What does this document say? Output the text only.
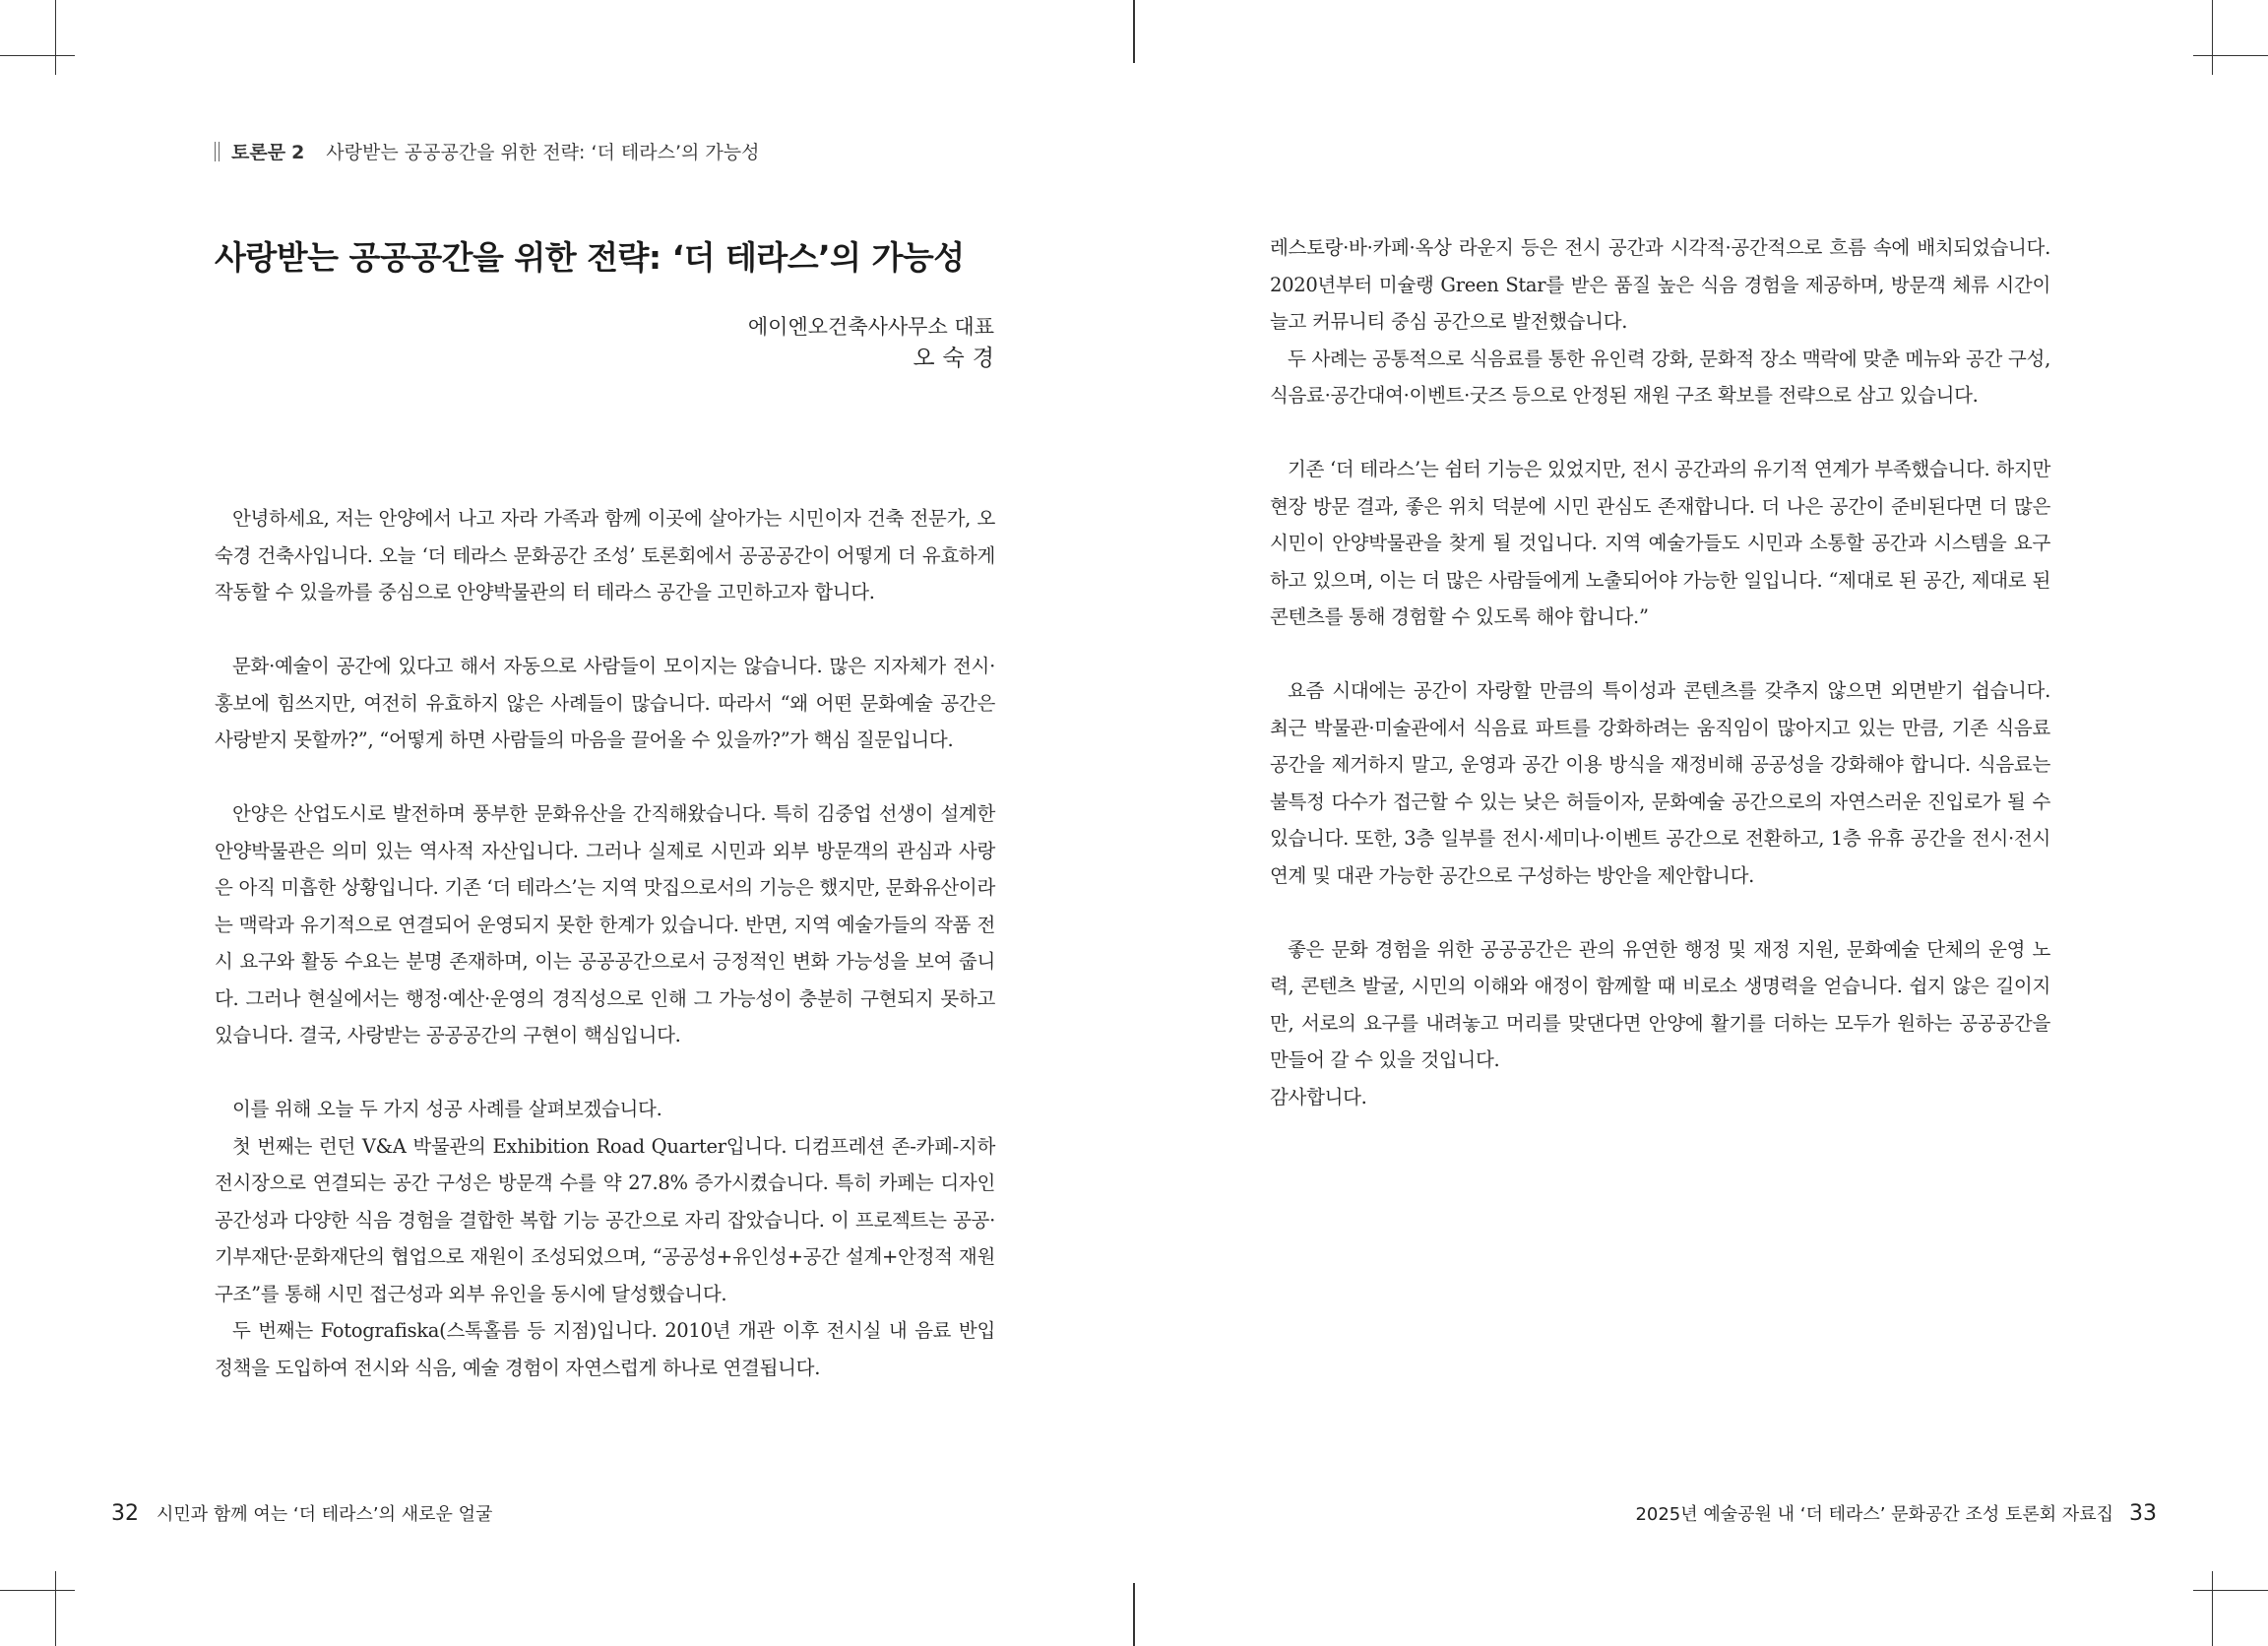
토론문 2 사랑받는 공공공간을 위한 전략: ‘더 테라스’의 가능성
사랑받는 공공공간을 위한 전략: ‘더 테라스’의 가능성
에이엔오건축사사무소 대표
오숙경

안녕하세요, 저는 안양에서 나고 자라 가족과 함께 이곳에 살아가는 시민이자 건축 전문가, 오숙경 건축사입니다. 오늘 ‘더 테라스 문화공간 조성’ 토론회에서 공공공간이 어떻게 더 유효하게 작동할 수 있을까를 중심으로 안양박물관의 터 테라스 공간을 고민하고자 합니다.

문화·예술이 공간에 있다고 해서 자동으로 사람들이 모이지는 않습니다. 많은 지자체가 전시·홍보에 힘쓰지만, 여전히 유효하지 않은 사례들이 많습니다. 따라서 “왜 어떤 문화예술 공간은 사랑받지 못할까?”, “어떻게 하면 사람들의 마음을 끌어올 수 있을까?”가 핵심 질문입니다.

안양은 산업도시로 발전하며 풍부한 문화유산을 간직해왔습니다. 특히 김중업 선생이 설계한 안양박물관은 의미 있는 역사적 자산입니다. 그러나 실제로 시민과 외부 방문객의 관심과 사랑은 아직 미흡한 상황입니다. 기존 ‘더 테라스’는 지역 맛집으로서의 기능은 했지만, 문화유산이라는 맥락과 유기적으로 연결되어 운영되지 못한 한계가 있습니다. 반면, 지역 예술가들의 작품 전시 요구와 활동 수요는 분명 존재하며, 이는 공공공간으로서 긍정적인 변화 가능성을 보여 줍니다. 그러나 현실에서는 행정·예산·운영의 경직성으로 인해 그 가능성이 충분히 구현되지 못하고 있습니다. 결국, 사랑받는 공공공간의 구현이 핵심입니다.

이를 위해 오늘 두 가지 성공 사례를 살펴보겠습니다.

첫 번째는 런던 V&A 박물관의 Exhibition Road Quarter입니다. 디컴프레션 존-카페-지하 전시장으로 연결되는 공간 구성은 방문객 수를 약 27.8% 증가시켰습니다. 특히 카페는 디자인 공간성과 다양한 식음 경험을 결합한 복합 기능 공간으로 자리 잡았습니다. 이 프로젝트는 공공·기부재단·문화재단의 협업으로 재원이 조성되었으며, “공공성+유인성+공간 설계+안정적 재원 구조”를 통해 시민 접근성과 외부 유인을 동시에 달성했습니다.

두 번째는 Fotografiska(스톡홀름 등 지점)입니다. 2010년 개관 이후 전시실 내 음료 반입 정책을 도입하여 전시와 식음, 예술 경험이 자연스럽게 하나로 연결됩니다.

레스토랑·바·카페·옥상 라운지 등은 전시 공간과 시각적·공간적으로 흐름 속에 배치되었습니다. 2020년부터 미슐랭 Green Star를 받은 품질 높은 식음 경험을 제공하며, 방문객 체류 시간이 늘고 커뮤니티 중심 공간으로 발전했습니다.

두 사례는 공통적으로 식음료를 통한 유인력 강화, 문화적 장소 맥락에 맞춘 메뉴와 공간 구성, 식음료·공간대여·이벤트·굿즈 등으로 안정된 재원 구조 확보를 전략으로 삼고 있습니다.

기존 ‘더 테라스’는 쉼터 기능은 있었지만, 전시 공간과의 유기적 연계가 부족했습니다. 하지만 현장 방문 결과, 좋은 위치 덕분에 시민 관심도 존재합니다. 더 나은 공간이 준비된다면 더 많은 시민이 안양박물관을 찾게 될 것입니다. 지역 예술가들도 시민과 소통할 공간과 시스템을 요구하고 있으며, 이는 더 많은 사람들에게 노출되어야 가능한 일입니다. “제대로 된 공간, 제대로 된 콘텐츠를 통해 경험할 수 있도록 해야 합니다.”

요즘 시대에는 공간이 자랑할 만큼의 특이성과 콘텐츠를 갖추지 않으면 외면받기 쉽습니다. 최근 박물관·미술관에서 식음료 파트를 강화하려는 움직임이 많아지고 있는 만큼, 기존 식음료 공간을 제거하지 말고, 운영과 공간 이용 방식을 재정비해 공공성을 강화해야 합니다. 식음료는 불특정 다수가 접근할 수 있는 낮은 허들이자, 문화예술 공간으로의 자연스러운 진입로가 될 수 있습니다. 또한, 3층 일부를 전시·세미나·이벤트 공간으로 전환하고, 1층 유휴 공간을 전시·전시 연계 및 대관 가능한 공간으로 구성하는 방안을 제안합니다.

좋은 문화 경험을 위한 공공공간은 관의 유연한 행정 및 재정 지원, 문화예술 단체의 운영 노력, 콘텐츠 발굴, 시민의 이해와 애정이 함께할 때 비로소 생명력을 얻습니다. 쉽지 않은 길이지만, 서로의 요구를 내려놓고 머리를 맞댄다면 안양에 활기를 더하는 모두가 원하는 공공공간을 만들어 갈 수 있을 것입니다.

감사합니다.

32 시민과 함께 여는 ‘더 테라스’의 새로운 얼굴	2025년 예술공원 내 ‘더 테라스’ 문화공간 조성 토론회 자료집 33
